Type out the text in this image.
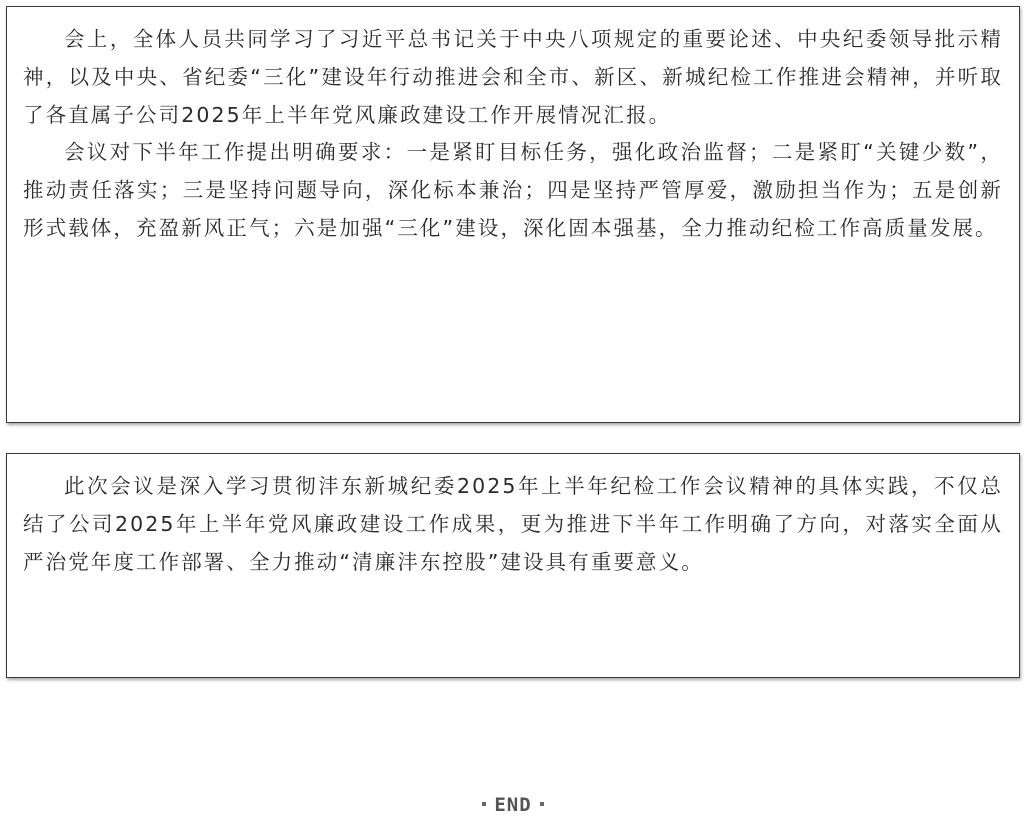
会上，全体人员共同学习了习近平总书记关于中央八项规定的重要论述、中央纪委领导批示精神，以及中央、省纪委“三化”建设年行动推进会和全市、新区、新城纪检工作推进会精神，并听取了各直属子公司2025年上半年党风廉政建设工作开展情况汇报。

会议对下半年工作提出明确要求：一是紧盯目标任务，强化政治监督；二是紧盯“关键少数”，推动责任落实；三是坚持问题导向，深化标本兼治；四是坚持严管厚爱，激励担当作为；五是创新形式载体，充盈新风正气；六是加强“三化”建设，深化固本强基，全力推动纪检工作高质量发展。

此次会议是深入学习贯彻沣东新城纪委2025年上半年纪检工作会议精神的具体实践，不仅总结了公司2025年上半年党风廉政建设工作成果，更为推进下半年工作明确了方向，对落实全面从严治党年度工作部署、全力推动“清廉沣东控股”建设具有重要意义。

END
